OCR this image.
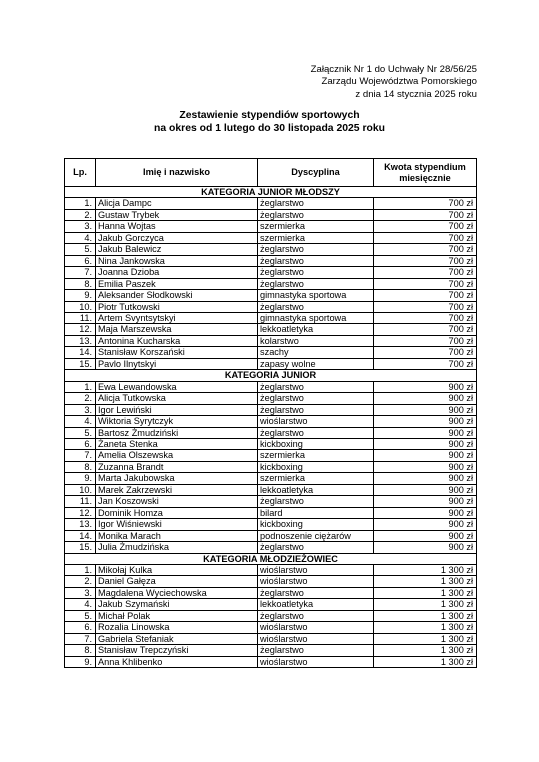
Załącznik Nr 1 do Uchwały Nr 28/56/25
Zarządu Województwa Pomorskiego
z dnia 14 stycznia 2025 roku
Zestawienie stypendiów sportowych
na okres od 1 lutego do 30 listopada 2025 roku
Lp.	Imię i nazwisko	Dyscyplina	Kwota stypendium miesięcznie
KATEGORIA JUNIOR MŁODSZY			
1.	Alicja Dampc	żeglarstwo	700 zł
2.	Gustaw Trybek	żeglarstwo	700 zł
3.	Hanna Wojtas	szermierka	700 zł
4.	Jakub Gorczyca	szermierka	700 zł
5.	Jakub Balewicz	żeglarstwo	700 zł
6.	Nina Jankowska	żeglarstwo	700 zł
7.	Joanna Dzioba	żeglarstwo	700 zł
8.	Emilia Paszek	żeglarstwo	700 zł
9.	Aleksander Słodkowski	gimnastyka sportowa	700 zł
10.	Piotr Tutkowski	żeglarstwo	700 zł
11.	Artem Svyntsytskyi	gimnastyka sportowa	700 zł
12.	Maja Marszewska	lekkoatletyka	700 zł
13.	Antonina Kucharska	kolarstwo	700 zł
14.	Stanisław Korszański	szachy	700 zł
15.	Pavlo Ilnytskyi	zapasy wolne	700 zł
KATEGORIA JUNIOR			
1.	Ewa Lewandowska	żeglarstwo	900 zł
2.	Alicja Tutkowska	żeglarstwo	900 zł
3.	Igor Lewiński	żeglarstwo	900 zł
4.	Wiktoria Syrytczyk	wioślarstwo	900 zł
5.	Bartosz Żmudziński	żeglarstwo	900 zł
6.	Żaneta Stenka	kickboxing	900 zł
7.	Amelia Olszewska	szermierka	900 zł
8.	Zuzanna Brandt	kickboxing	900 zł
9.	Marta Jakubowska	szermierka	900 zł
10.	Marek Zakrzewski	lekkoatletyka	900 zł
11.	Jan Koszowski	żeglarstwo	900 zł
12.	Dominik Homza	bilard	900 zł
13.	Igor Wiśniewski	kickboxing	900 zł
14.	Monika Marach	podnoszenie ciężarów	900 zł
15.	Julia Żmudzińska	żeglarstwo	900 zł
KATEGORIA MŁODZIEŻOWIEC			
1.	Mikołaj Kulka	wioślarstwo	1 300 zł
2.	Daniel Gałęza	wioślarstwo	1 300 zł
3.	Magdalena Wyciechowska	żeglarstwo	1 300 zł
4.	Jakub Szymański	lekkoatletyka	1 300 zł
5.	Michał Polak	żeglarstwo	1 300 zł
6.	Rozalia Linowska	wioślarstwo	1 300 zł
7.	Gabriela Stefaniak	wioślarstwo	1 300 zł
8.	Stanisław Trepczyński	żeglarstwo	1 300 zł
9.	Anna Khlibenko	wioślarstwo	1 300 zł
